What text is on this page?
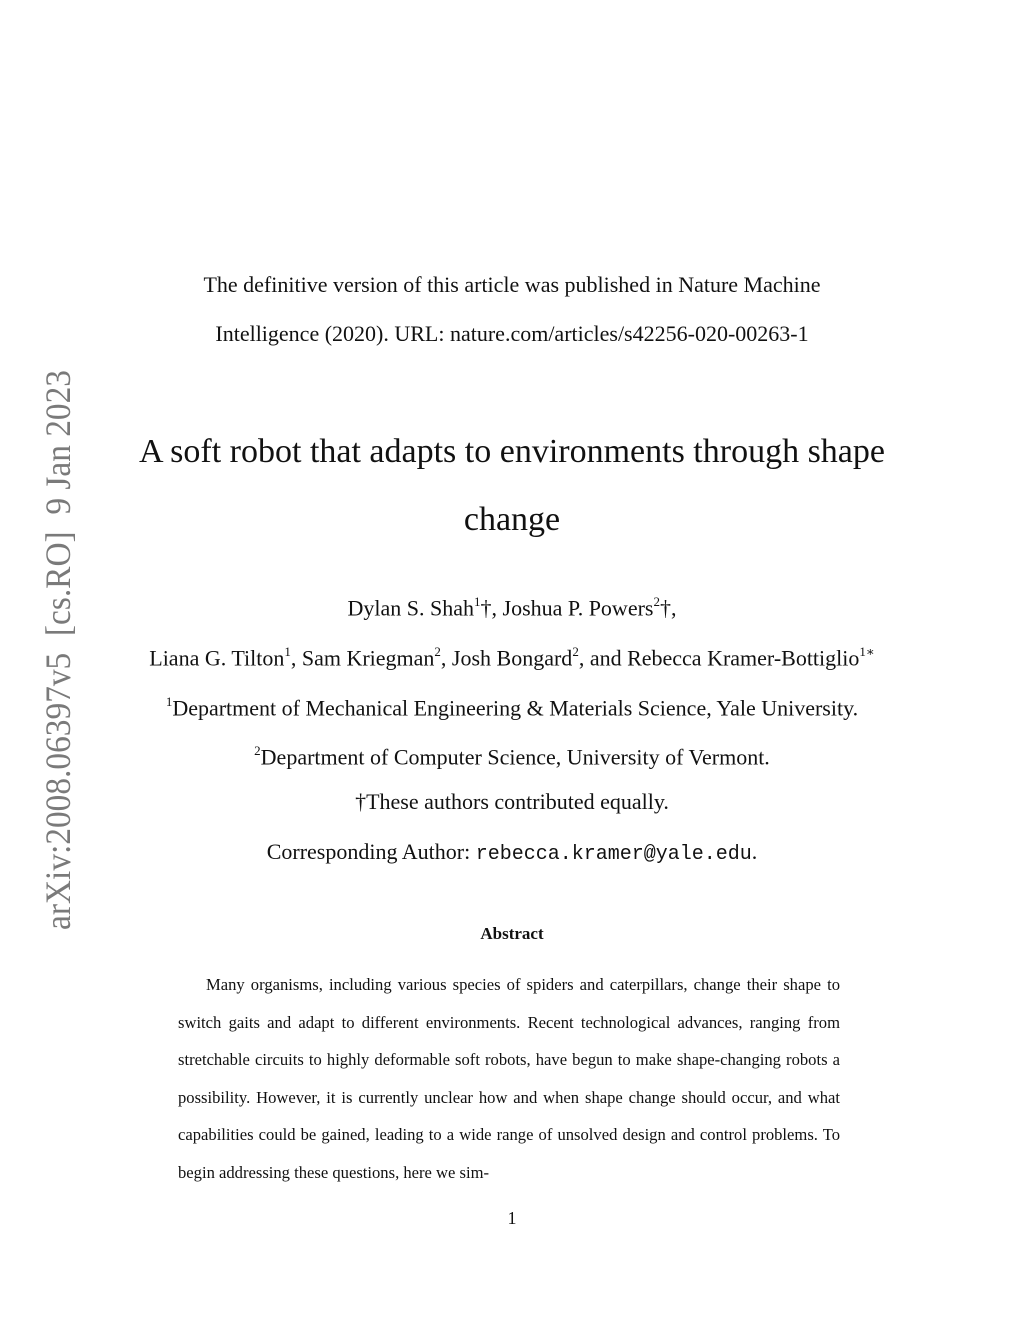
arXiv:2008.06397v5  [cs.RO]  9 Jan 2023
The definitive version of this article was published in Nature Machine
Intelligence (2020). URL: nature.com/articles/s42256-020-00263-1
A soft robot that adapts to environments through shape
change
Dylan S. Shah$^1$†, Joshua P. Powers$^2$†,
Liana G. Tilton$^1$, Sam Kriegman$^2$, Josh Bongard$^2$, and Rebecca Kramer-Bottiglio$^{1∗}$
$^1$Department of Mechanical Engineering & Materials Science, Yale University.
$^2$Department of Computer Science, University of Vermont.
†These authors contributed equally.
Corresponding Author: rebecca.kramer@yale.edu.
Abstract
Many organisms, including various species of spiders and caterpillars, change their shape to switch gaits and adapt to different environments. Recent technological advances, ranging from stretchable circuits to highly deformable soft robots, have begun to make shape-changing robots a possibility. However, it is currently unclear how and when shape change should occur, and what capabilities could be gained, leading to a wide range of unsolved design and control problems. To begin addressing these questions, here we sim-
1
